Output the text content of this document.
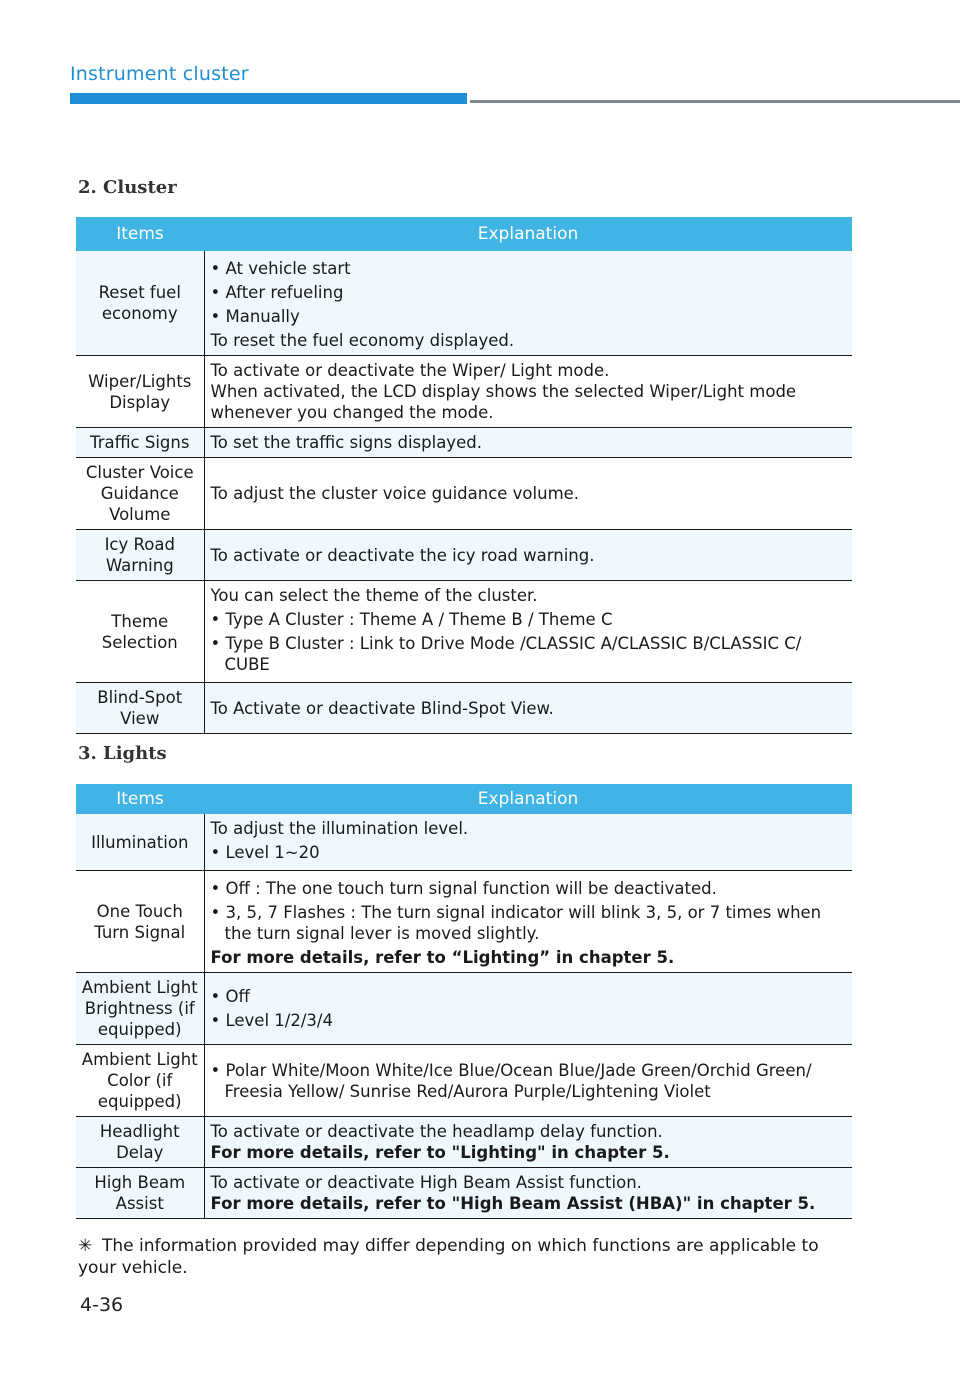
Instrument cluster
2. Cluster
Items	Explanation
Reset fuel economy	• At vehicle start
• After refueling
• Manually
To reset the fuel economy displayed.

Wiper/Lights Display	To activate or deactivate the Wiper/ Light mode.
When activated, the LCD display shows the selected Wiper/Light mode whenever you changed the mode.

Traffic Signs	To set the traffic signs displayed.

Cluster Voice Guidance Volume	To adjust the cluster voice guidance volume.

Icy Road Warning	To activate or deactivate the icy road warning.

Theme Selection	You can select the theme of the cluster.
• Type A Cluster : Theme A / Theme B / Theme C
• Type B Cluster : Link to Drive Mode /CLASSIC A/CLASSIC B/CLASSIC C/ CUBE

Blind-Spot View	To Activate or deactivate Blind-Spot View.
3. Lights
Items	Explanation
Illumination	To adjust the illumination level.
• Level 1~20

One Touch Turn Signal	• Off : The one touch turn signal function will be deactivated.
• 3, 5, 7 Flashes : The turn signal indicator will blink 3, 5, or 7 times when the turn signal lever is moved slightly.
For more details, refer to “Lighting” in chapter 5.

Ambient Light Brightness (if equipped)	• Off
• Level 1/2/3/4

Ambient Light Color (if equipped)	• Polar White/Moon White/Ice Blue/Ocean Blue/Jade Green/Orchid Green/ Freesia Yellow/ Sunrise Red/Aurora Purple/Lightening Violet

Headlight Delay	To activate or deactivate the headlamp delay function.
For more details, refer to "Lighting" in chapter 5.

High Beam Assist	To activate or deactivate High Beam Assist function.
For more details, refer to "High Beam Assist (HBA)" in chapter 5.
✳ The information provided may differ depending on which functions are applicable to your vehicle.
4-36
